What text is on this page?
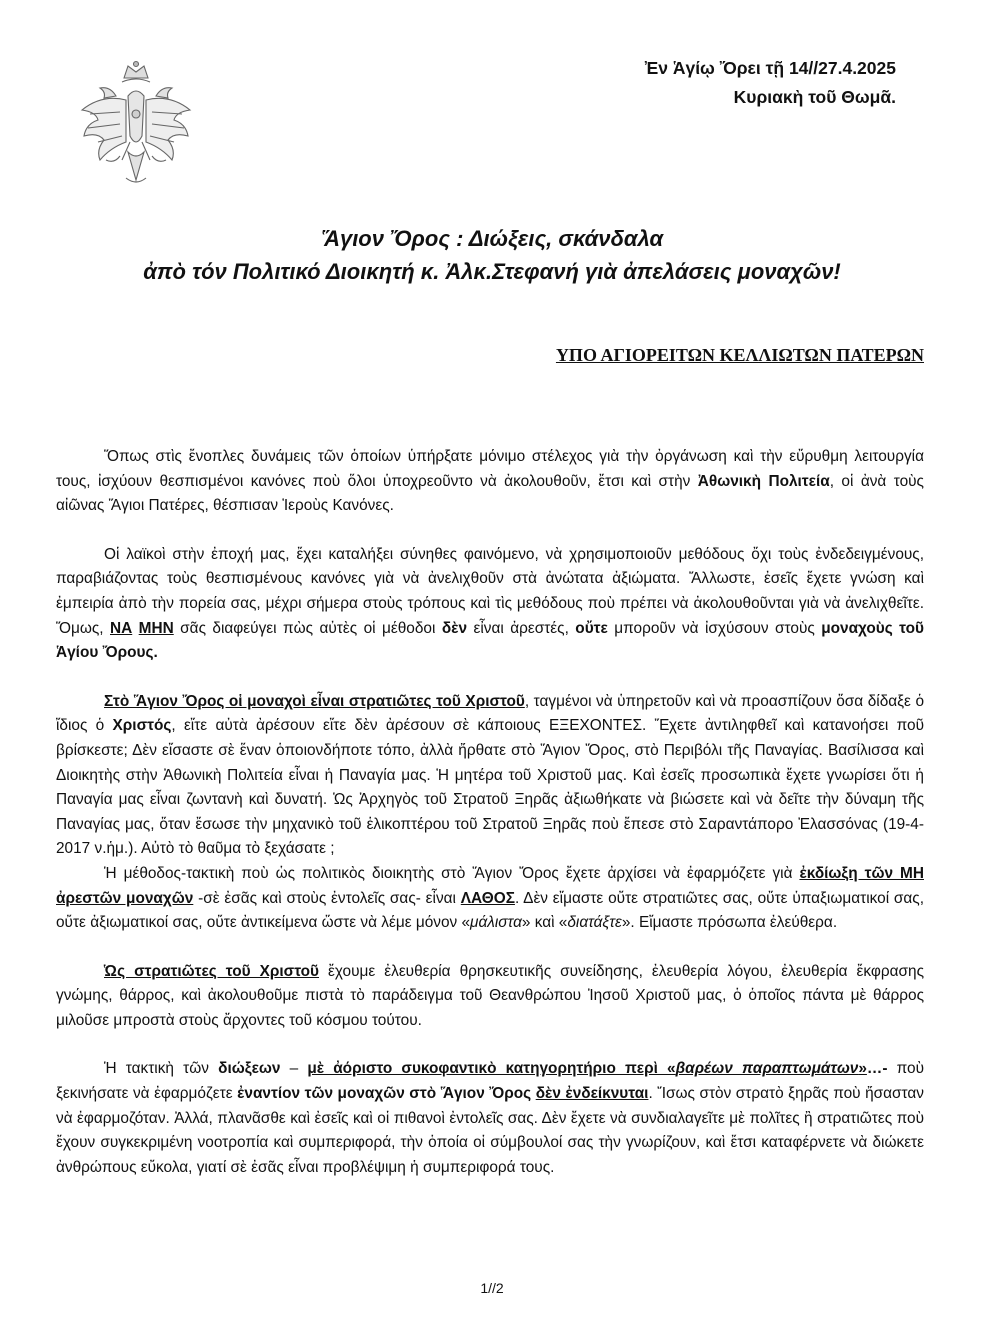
Ἐν Ἁγίῳ Ὄρει τῇ 14//27.4.2025
Κυριακὴ τοῦ Θωμᾶ.
Ἅγιον Ὄρος : Διώξεις, σκάνδαλα
ἀπὸ τόν Πολιτικό Διοικητή κ. Ἀλκ.Στεφανή γιὰ ἀπελάσεις μοναχῶν!
ΥΠΟ ΑΓΙΟΡΕΙΤΩΝ ΚΕΛΛΙΩΤΩΝ ΠΑΤΕΡΩΝ

Ὅπως στὶς ἔνοπλες δυνάμεις τῶν ὁποίων ὑπήρξατε μόνιμο στέλεχος γιὰ τὴν ὀργάνωση καὶ τὴν εὔρυθμη λειτουργία τους, ἰσχύουν θεσπισμένοι κανόνες ποὺ ὅλοι ὑποχρεοῦντο νὰ ἀκολουθοῦν, ἔτσι καὶ στὴν Ἀθωνικὴ Πολιτεία, οἱ ἀνὰ τοὺς αἰῶνας Ἅγιοι Πατέρες, θέσπισαν Ἱεροὺς Κανόνες.

Οἱ λαϊκοὶ στὴν ἐποχή μας, ἔχει καταλήξει σύνηθες φαινόμενο, νὰ χρησιμοποιοῦν μεθόδους ὄχι τοὺς ἐνδεδειγμένους, παραβιάζοντας τοὺς θεσπισμένους κανόνες γιὰ νὰ ἀνελιχθοῦν στὰ ἀνώτατα ἀξιώματα. Ἄλλωστε, ἐσεῖς ἔχετε γνώση καὶ ἐμπειρία ἀπὸ τὴν πορεία σας, μέχρι σήμερα στοὺς τρόπους καὶ τὶς μεθόδους ποὺ πρέπει νὰ ἀκολουθοῦνται γιὰ νὰ ἀνελιχθεῖτε. Ὅμως, ΝΑ ΜΗΝ σᾶς διαφεύγει πὼς αὐτὲς οἱ μέθοδοι δὲν εἶναι ἀρεστές, οὔτε μποροῦν νὰ ἰσχύσουν στοὺς μοναχοὺς τοῦ Ἁγίου Ὄρους.

Στὸ Ἅγιον Ὄρος οἱ μοναχοὶ εἶναι στρατιῶτες τοῦ Χριστοῦ, ταγμένοι νὰ ὑπηρετοῦν καὶ νὰ προασπίζουν ὅσα δίδαξε ὁ ἴδιος ὁ Χριστός, εἴτε αὐτὰ ἀρέσουν εἴτε δὲν ἀρέσουν σὲ κάποιους ΕΞΕΧΟΝΤΕΣ. Ἔχετε ἀντιληφθεῖ καὶ κατανοήσει ποῦ βρίσκεστε; Δὲν εἴσαστε σὲ ἕναν ὁποιονδήποτε τόπο, ἀλλὰ ἤρθατε στὸ Ἅγιον Ὄρος, στὸ Περιβόλι τῆς Παναγίας. Βασίλισσα καὶ Διοικητὴς στὴν Ἀθωνικὴ Πολιτεία εἶναι ἡ Παναγία μας. Ἡ μητέρα τοῦ Χριστοῦ μας. Καὶ ἐσεῖς προσωπικὰ ἔχετε γνωρίσει ὅτι ἡ Παναγία μας εἶναι ζωντανὴ καὶ δυνατή. Ὡς Ἀρχηγὸς τοῦ Στρατοῦ Ξηρᾶς ἀξιωθήκατε νὰ βιώσετε καὶ νὰ δεῖτε τὴν δύναμη τῆς Παναγίας μας, ὅταν ἔσωσε τὴν μηχανικὸ τοῦ ἑλικοπτέρου τοῦ Στρατοῦ Ξηρᾶς ποὺ ἔπεσε στὸ Σαραντάπορο Ἐλασσόνας (19-4-2017 ν.ἡμ.). Αὐτὸ τὸ θαῦμα τὸ ξεχάσατε ;

Ἡ μέθοδος-τακτικὴ ποὺ ὡς πολιτικὸς διοικητὴς στὸ Ἅγιον Ὄρος ἔχετε ἀρχίσει νὰ ἐφαρμόζετε γιὰ ἐκδίωξη τῶν ΜΗ ἀρεστῶν μοναχῶν -σὲ ἐσᾶς καὶ στοὺς ἐντολεῖς σας- εἶναι ΛΑΘΟΣ. Δὲν εἴμαστε οὔτε στρατιῶτες σας, οὔτε ὑπαξιωματικοί σας, οὔτε ἀξιωματικοί σας, οὔτε ἀντικείμενα ὥστε νὰ λέμε μόνον «μάλιστα» καὶ «διατάξτε». Εἴμαστε πρόσωπα ἐλεύθερα.

Ὡς στρατιῶτες τοῦ Χριστοῦ ἔχουμε ἐλευθερία θρησκευτικῆς συνείδησης, ἐλευθερία λόγου, ἐλευθερία ἔκφρασης γνώμης, θάρρος, καὶ ἀκολουθοῦμε πιστὰ τὸ παράδειγμα τοῦ Θεανθρώπου Ἰησοῦ Χριστοῦ μας, ὁ ὁποῖος πάντα μὲ θάρρος μιλοῦσε μπροστὰ στοὺς ἄρχοντες τοῦ κόσμου τούτου.

Ἡ τακτικὴ τῶν διώξεων – μὲ ἀόριστο συκοφαντικὸ κατηγορητήριο περὶ «βαρέων παραπτωμάτων»…- ποὺ ξεκινήσατε νὰ ἐφαρμόζετε ἐναντίον τῶν μοναχῶν στὸ Ἅγιον Ὄρος δὲν ἐνδείκνυται. Ἴσως στὸν στρατὸ ξηρᾶς ποὺ ἤσασταν νὰ ἐφαρμοζόταν. Ἀλλά, πλανᾶσθε καὶ ἐσεῖς καὶ οἱ πιθανοὶ ἐντολεῖς σας. Δὲν ἔχετε νὰ συνδιαλαγεῖτε μὲ πολῖτες ἢ στρατιῶτες ποὺ ἔχουν συγκεκριμένη νοοτροπία καὶ συμπεριφορά, τὴν ὁποία οἱ σύμβουλοί σας τὴν γνωρίζουν, καὶ ἔτσι καταφέρνετε νὰ διώκετε ἀνθρώπους εὔκολα, γιατί σὲ ἐσᾶς εἶναι προβλέψιμη ἡ συμπεριφορά τους.

1//2
